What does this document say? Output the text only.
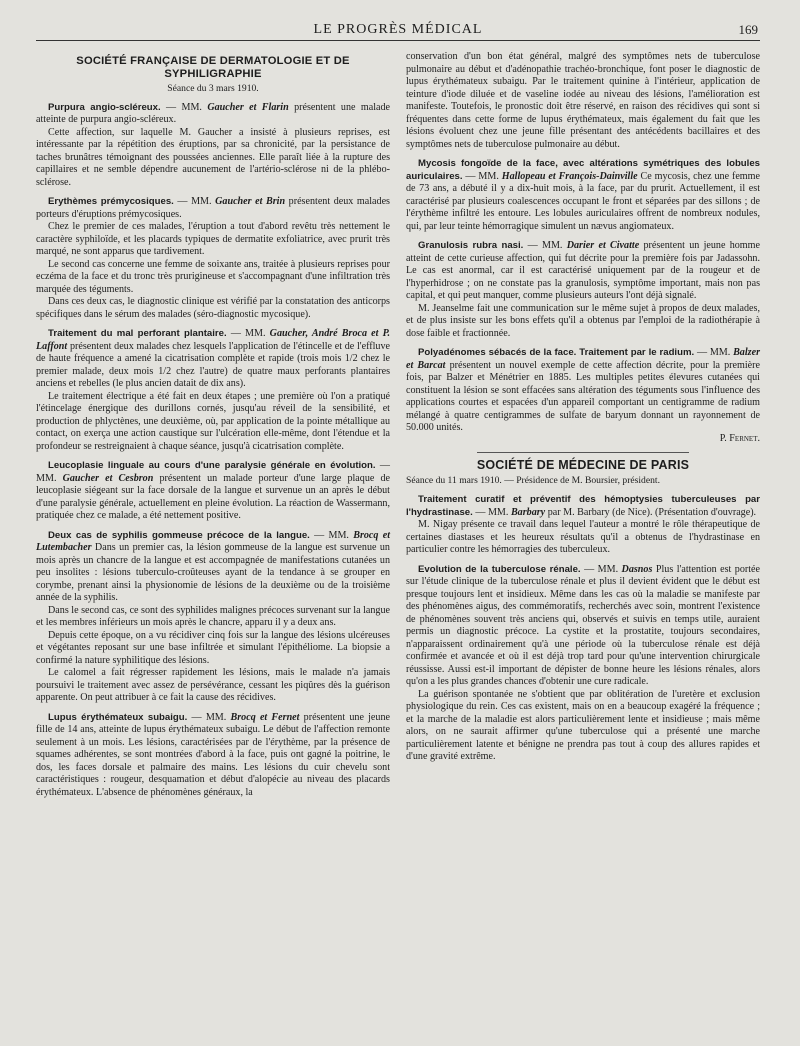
LE PROGRÈS MÉDICAL	169
SOCIÉTÉ FRANÇAISE DE DERMATOLOGIE ET DE SYPHILIGRAPHIE
Séance du 3 mars 1910.

Purpura angio-scléreux. — MM. Gaucher et Flarin présentent une malade atteinte de purpura angio-scléreux.

Cette affection, sur laquelle M. Gaucher a insisté à plusieurs reprises, est intéressante par la répétition des éruptions, par sa chronicité, par la persistance de taches brunâtres témoignant des poussées anciennes. Elle paraît liée à la rupture des capillaires et ne semble dépendre aucunement de l'artério-sclérose ni de la phlébo-sclérose.

Erythèmes prémycosiques. — MM. Gaucher et Brin présentent deux malades porteurs d'éruptions prémycosiques.

Chez le premier de ces malades, l'éruption a tout d'abord revêtu très nettement le caractère syphiloïde, et les placards typiques de dermatite exfoliatrice, avec prurit très marqué, ne sont apparus que tardivement.

Le second cas concerne une femme de soixante ans, traitée à plusieurs reprises pour eczéma de la face et du tronc très prurigineuse et s'accompagnant d'une infiltration très marquée des téguments.

Dans ces deux cas, le diagnostic clinique est vérifié par la constatation des anticorps spécifiques dans le sérum des malades (séro-diagnostic mycosique).

Traitement du mal perforant plantaire. — MM. Gaucher, André Broca et P. Laffont présentent deux malades chez lesquels l'application de l'étincelle et de l'effluve de haute fréquence a amené la cicatrisation complète et rapide (trois mois 1/2 chez le premier malade, deux mois 1/2 chez l'autre) de quatre maux perforants plantaires anciens et rebelles (le plus ancien datait de dix ans).

Le traitement électrique a été fait en deux étapes ; une première où l'on a pratiqué l'étincelage énergique des durillons cornés, jusqu'au réveil de la sensibilité, et production de phlyctènes, une deuxième, où, par application de la pointe métallique au contact, on exerça une action caustique sur l'ulcération elle-même, dont l'étendue et la profondeur se restreignaient à chaque séance, jusqu'à cicatrisation complète.

Leucoplasie linguale au cours d'une paralysie générale en évolution. — MM. Gaucher et Cesbron présentent un malade porteur d'une large plaque de leucoplasie siégeant sur la face dorsale de la langue et survenue un an après le début d'une paralysie générale, actuellement en pleine évolution. La réaction de Wassermann, pratiquée chez ce malade, a été nettement positive.

Deux cas de syphilis gommeuse précoce de la langue. — MM. Brocq et Lutembacher Dans un premier cas, la lésion gommeuse de la langue est survenue un mois après un chancre de la langue et est accompagnée de manifestations cutanées un peu insolites : lésions tuberculo-croûteuses ayant de la tendance à se grouper en corymbe, prenant ainsi la physionomie de lésions de la deuxième ou de la troisième année de la syphilis.

Dans le second cas, ce sont des syphilides malignes précoces survenant sur la langue et les membres inférieurs un mois après le chancre, apparu il y a deux ans.

Depuis cette époque, on a vu récidiver cinq fois sur la langue des lésions ulcéreuses et végétantes reposant sur une base infiltrée et simulant l'épithéliome. La biopsie a confirmé la nature syphilitique des lésions.

Le calomel a fait régresser rapidement les lésions, mais le malade n'a jamais poursuivi le traitement avec assez de persévérance, cessant les piqûres dès la guérison apparente. On peut attribuer à ce fait la cause des récidives.

Lupus érythémateux subaigu. — MM. Brocq et Fernet présentent une jeune fille de 14 ans, atteinte de lupus érythémateux subaigu. Le début de l'affection remonte seulement à un mois. Les lésions, caractérisées par de l'érythème, par la présence de squames adhérentes, se sont montrées d'abord à la face, puis ont gagné la poitrine, le dos, les faces dorsale et palmaire des mains. Les lésions du cuir chevelu sont caractéristiques : rougeur, desquamation et début d'alopécie au niveau des placards érythémateux. L'absence de phénomènes généraux, la

conservation d'un bon état général, malgré des symptômes nets de tuberculose pulmonaire au début et d'adénopathie trachéo-bronchique, font poser le diagnostic de lupus érythémateux subaigu. Par le traitement quinine à l'intérieur, application de teinture d'iode diluée et de vaseline iodée au niveau des lésions, l'amélioration est manifeste. Toutefois, le pronostic doit être réservé, en raison des récidives qui sont si fréquentes dans cette forme de lupus érythémateux, mais également du fait que les lésions évoluent chez une jeune fille présentant des antécédents bacillaires et des symptômes nets de tuberculose pulmonaire au début.

Mycosis fongoïde de la face, avec altérations symétriques des lobules auriculaires. — MM. Hallopeau et François-Dainville Ce mycosis, chez une femme de 73 ans, a débuté il y a dix-huit mois, à la face, par du prurit. Actuellement, il est caractérisé par plusieurs coalescences occupant le front et séparées par des sillons ; de l'érythème infiltré les entoure. Les lobules auriculaires offrent de nombreux nodules, qui, par leur teinte hémorragique simulent un nævus angiomateux.

Granulosis rubra nasi. — MM. Darier et Civatte présentent un jeune homme atteint de cette curieuse affection, qui fut décrite pour la première fois par Jadassohn. Le cas est anormal, car il est caractérisé uniquement par de la rougeur et de l'hyperhidrose ; on ne constate pas la granulosis, symptôme important, mais non pas capital, et qui peut manquer, comme plusieurs auteurs l'ont déjà signalé.

M. Jeanselme fait une communication sur le même sujet à propos de deux malades, et de plus insiste sur les bons effets qu'il a obtenus par l'emploi de la radiothérapie à dose faible et fractionnée.

Polyadénomes sébacés de la face. Traitement par le radium. — MM. Balzer et Barcat présentent un nouvel exemple de cette affection décrite, pour la première fois, par Balzer et Ménétrier en 1885. Les multiples petites élevures cutanées qui constituent la lésion se sont effacées sans altération des téguments sous l'influence des applications courtes et espacées d'un appareil comportant un centigramme de radium mélangé à quatre centigrammes de sulfate de baryum donnant un rayonnement de 50.000 unités.

P. Fernet.
SOCIÉTÉ DE MÉDECINE DE PARIS
Séance du 11 mars 1910. — Présidence de M. Boursier, président.

Traitement curatif et préventif des hémoptysies tuberculeuses par l'hydrastinase. — MM. Barbary par M. Barbary (de Nice). (Présentation d'ouvrage).

M. Nigay présente ce travail dans lequel l'auteur a montré le rôle thérapeutique de certaines diastases et les heureux résultats qu'il a obtenus de l'hydrastinase en particulier contre les hémorragies des tuberculeux.

Evolution de la tuberculose rénale. — MM. Dasnos Plus l'attention est portée sur l'étude clinique de la tuberculose rénale et plus il devient évident que le début est presque toujours lent et insidieux. Même dans les cas où la maladie se manifeste par des phénomènes aigus, des commémoratifs, recherchés avec soin, montrent l'existence de phénomènes souvent très anciens qui, observés et suivis en temps utile, auraient permis un diagnostic précoce. La cystite et la prostatite, toujours secondaires, n'apparaissent ordinairement qu'à une période où la tuberculose rénale est déjà confirmée et avancée et où il est déjà trop tard pour qu'une intervention chirurgicale réussisse. Aussi est-il important de dépister de bonne heure les lésions rénales, alors qu'on a les plus grandes chances d'obtenir une cure radicale.

La guérison spontanée ne s'obtient que par oblitération de l'uretère et exclusion physiologique du rein. Ces cas existent, mais on en a beaucoup exagéré la fréquence ; et la marche de la maladie est alors particulièrement lente et insidieuse ; mais même alors, on ne saurait affirmer qu'une tuberculose qui a présenté une marche particulièrement latente et bénigne ne prendra pas tout à coup des allures rapides et d'une gravité extrême.
